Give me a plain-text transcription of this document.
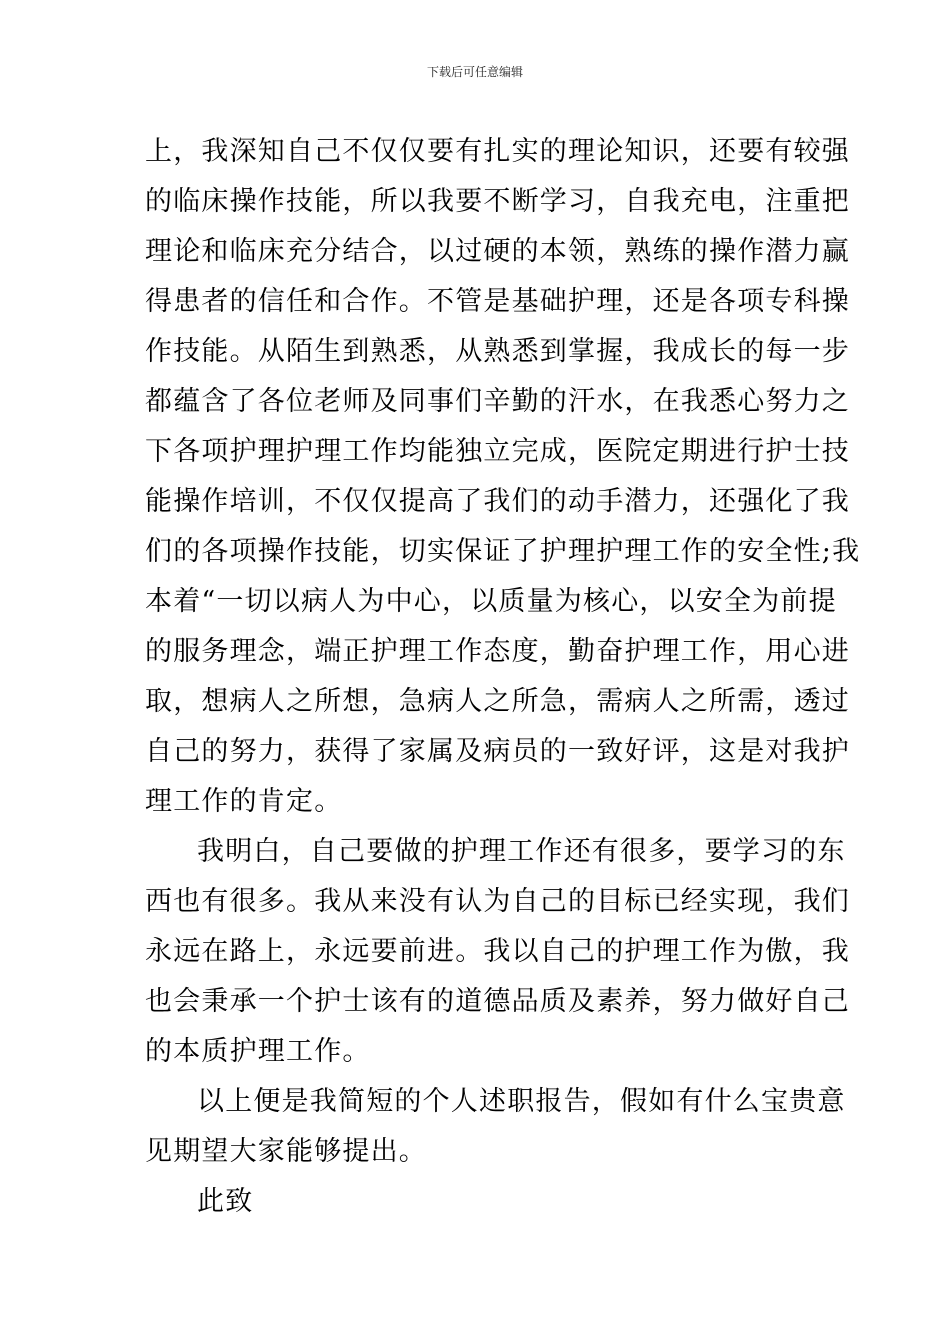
下载后可任意编辑
上，我深知自己不仅仅要有扎实的理论知识，还要有较强
的临床操作技能，所以我要不断学习，自我充电，注重把
理论和临床充分结合，以过硬的本领，熟练的操作潜力赢
得患者的信任和合作。不管是基础护理，还是各项专科操
作技能。从陌生到熟悉，从熟悉到掌握，我成长的每一步
都蕴含了各位老师及同事们辛勤的汗水，在我悉心努力之
下各项护理护理工作均能独立完成，医院定期进行护士技
能操作培训，不仅仅提高了我们的动手潜力，还强化了我
们的各项操作技能，切实保证了护理护理工作的安全性;我
本着“一切以病人为中心，以质量为核心，以安全为前提
的服务理念，端正护理工作态度，勤奋护理工作，用心进
取，想病人之所想，急病人之所急，需病人之所需，透过
自己的努力，获得了家属及病员的一致好评，这是对我护
理工作的肯定。
我明白，自己要做的护理工作还有很多，要学习的东
西也有很多。我从来没有认为自己的目标已经实现，我们
永远在路上，永远要前进。我以自己的护理工作为傲，我
也会秉承一个护士该有的道德品质及素养，努力做好自己
的本质护理工作。
以上便是我简短的个人述职报告，假如有什么宝贵意
见期望大家能够提出。
此致
